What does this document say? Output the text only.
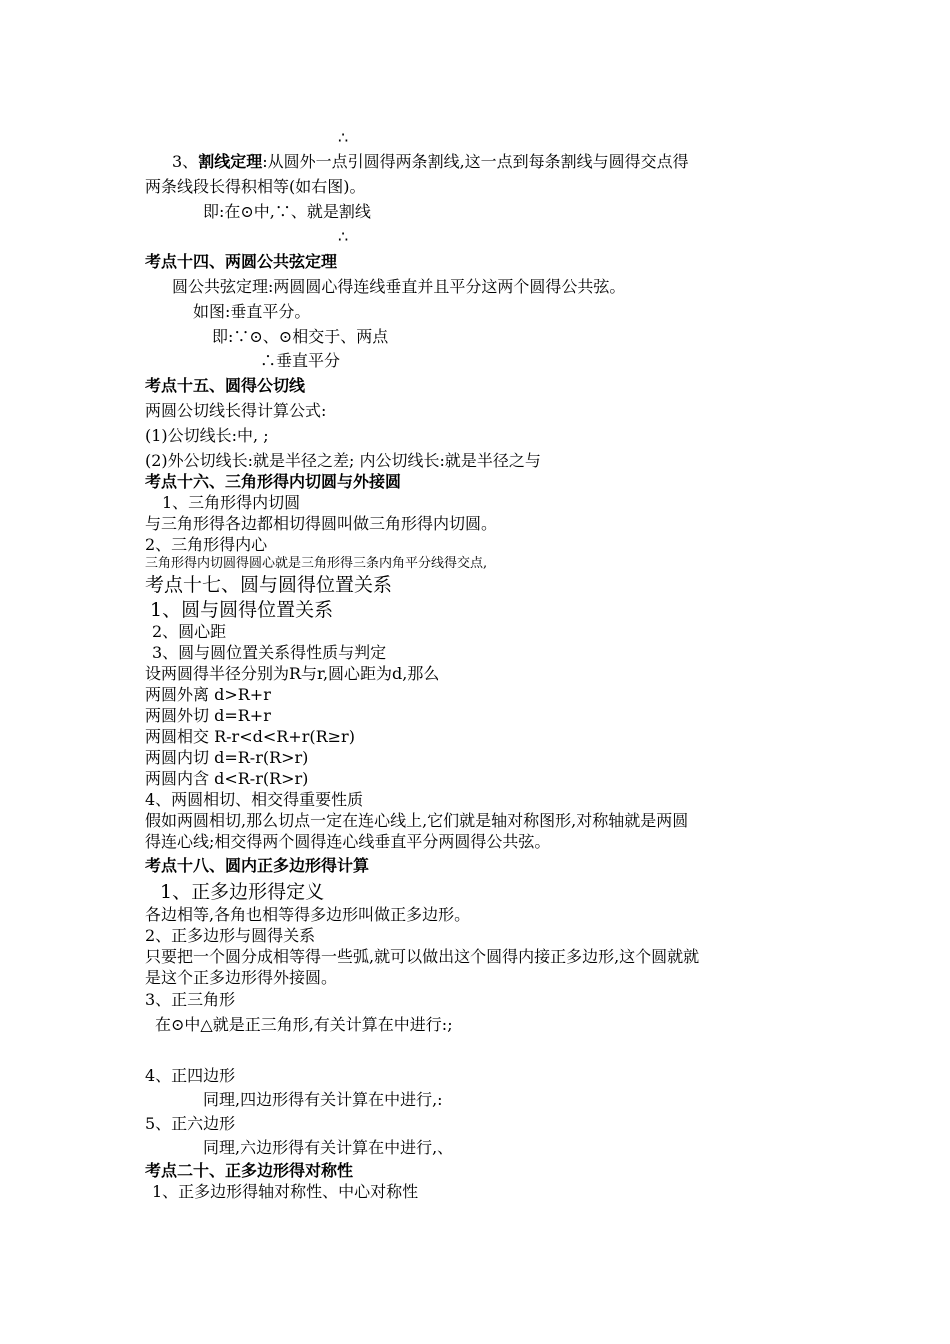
∴
3、割线定理:从圆外一点引圆得两条割线,这一点到每条割线与圆得交点得
两条线段长得积相等(如右图)。
即:在⊙中,∵、就是割线
∴
考点十四、两圆公共弦定理
圆公共弦定理:两圆圆心得连线垂直并且平分这两个圆得公共弦。
如图:垂直平分。
即:∵⊙、⊙相交于、两点
∴垂直平分
考点十五、圆得公切线
两圆公切线长得计算公式:
(1)公切线长:中, ;
(2)外公切线长:就是半径之差; 内公切线长:就是半径之与
考点十六、三角形得内切圆与外接圆
1、三角形得内切圆
与三角形得各边都相切得圆叫做三角形得内切圆。
2、三角形得内心
三角形得内切圆得圆心就是三角形得三条内角平分线得交点,
考点十七、圆与圆得位置关系
1、圆与圆得位置关系
2、圆心距
3、圆与圆位置关系得性质与判定
设两圆得半径分别为R与r,圆心距为d,那么
两圆外离 d>R+r
两圆外切 d=R+r
两圆相交 R-r<d<R+r(R≥r)
两圆内切 d=R-r(R>r)
两圆内含 d<R-r(R>r)
4、两圆相切、相交得重要性质
假如两圆相切,那么切点一定在连心线上,它们就是轴对称图形,对称轴就是两圆
得连心线;相交得两个圆得连心线垂直平分两圆得公共弦。
考点十八、圆内正多边形得计算
1、正多边形得定义
各边相等,各角也相等得多边形叫做正多边形。
2、正多边形与圆得关系
只要把一个圆分成相等得一些弧,就可以做出这个圆得内接正多边形,这个圆就就
是这个正多边形得外接圆。
3、正三角形
在⊙中△就是正三角形,有关计算在中进行:;
4、正四边形
同理,四边形得有关计算在中进行,:
5、正六边形
同理,六边形得有关计算在中进行,、
考点二十、正多边形得对称性
1、正多边形得轴对称性、中心对称性
